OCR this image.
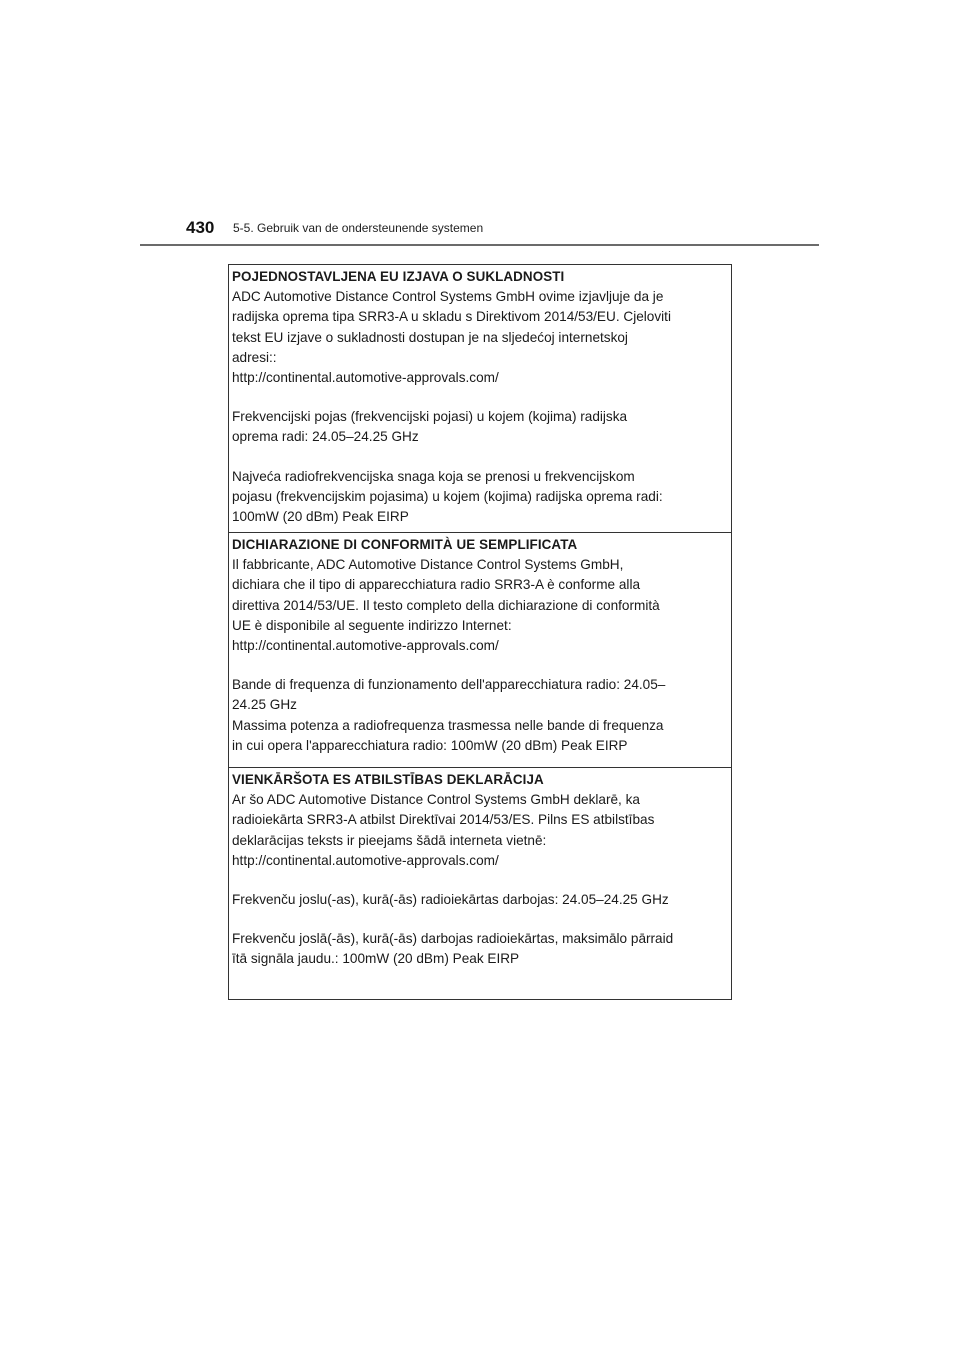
430 5-5. Gebruik van de ondersteunende systemen
POJEDNOSTAVLJENA EU IZJAVA O SUKLADNOSTI

ADC Automotive Distance Control Systems GmbH ovime izjavljuje da je
radijska oprema tipa SRR3-A u skladu s Direktivom 2014/53/EU. Cjeloviti
tekst EU izjave o sukladnosti dostupan je na sljedećoj internetskoj
adresi::
http://continental.automotive-approvals.com/

Frekvencijski pojas (frekvencijski pojasi) u kojem (kojima) radijska
oprema radi: 24.05–24.25 GHz

Najveća radiofrekvencijska snaga koja se prenosi u frekvencijskom
pojasu (frekvencijskim pojasima) u kojem (kojima) radijska oprema radi:
100mW (20 dBm) Peak EIRP

DICHIARAZIONE DI CONFORMITÀ UE SEMPLIFICATA

Il fabbricante, ADC Automotive Distance Control Systems GmbH,
dichiara che il tipo di apparecchiatura radio SRR3-A è conforme alla
direttiva 2014/53/UE. Il testo completo della dichiarazione di conformità
UE è disponibile al seguente indirizzo Internet:
http://continental.automotive-approvals.com/

Bande di frequenza di funzionamento dell'apparecchiatura radio: 24.05–
24.25 GHz
Massima potenza a radiofrequenza trasmessa nelle bande di frequenza
in cui opera l'apparecchiatura radio: 100mW (20 dBm) Peak EIRP

VIENKĀRŠOTA ES ATBILSTĪBAS DEKLARĀCIJA

Ar šo ADC Automotive Distance Control Systems GmbH deklarē, ka
radioiekārta SRR3-A atbilst Direktīvai 2014/53/ES. Pilns ES atbilstības
deklarācijas teksts ir pieejams šādā interneta vietnē:
http://continental.automotive-approvals.com/

Frekvenču joslu(-as), kurā(-ās) radioiekārtas darbojas: 24.05–24.25 GHz

Frekvenču joslā(-ās), kurā(-ās) darbojas radioiekārtas, maksimālo pārraid
ītā signāla jaudu.: 100mW (20 dBm) Peak EIRP
